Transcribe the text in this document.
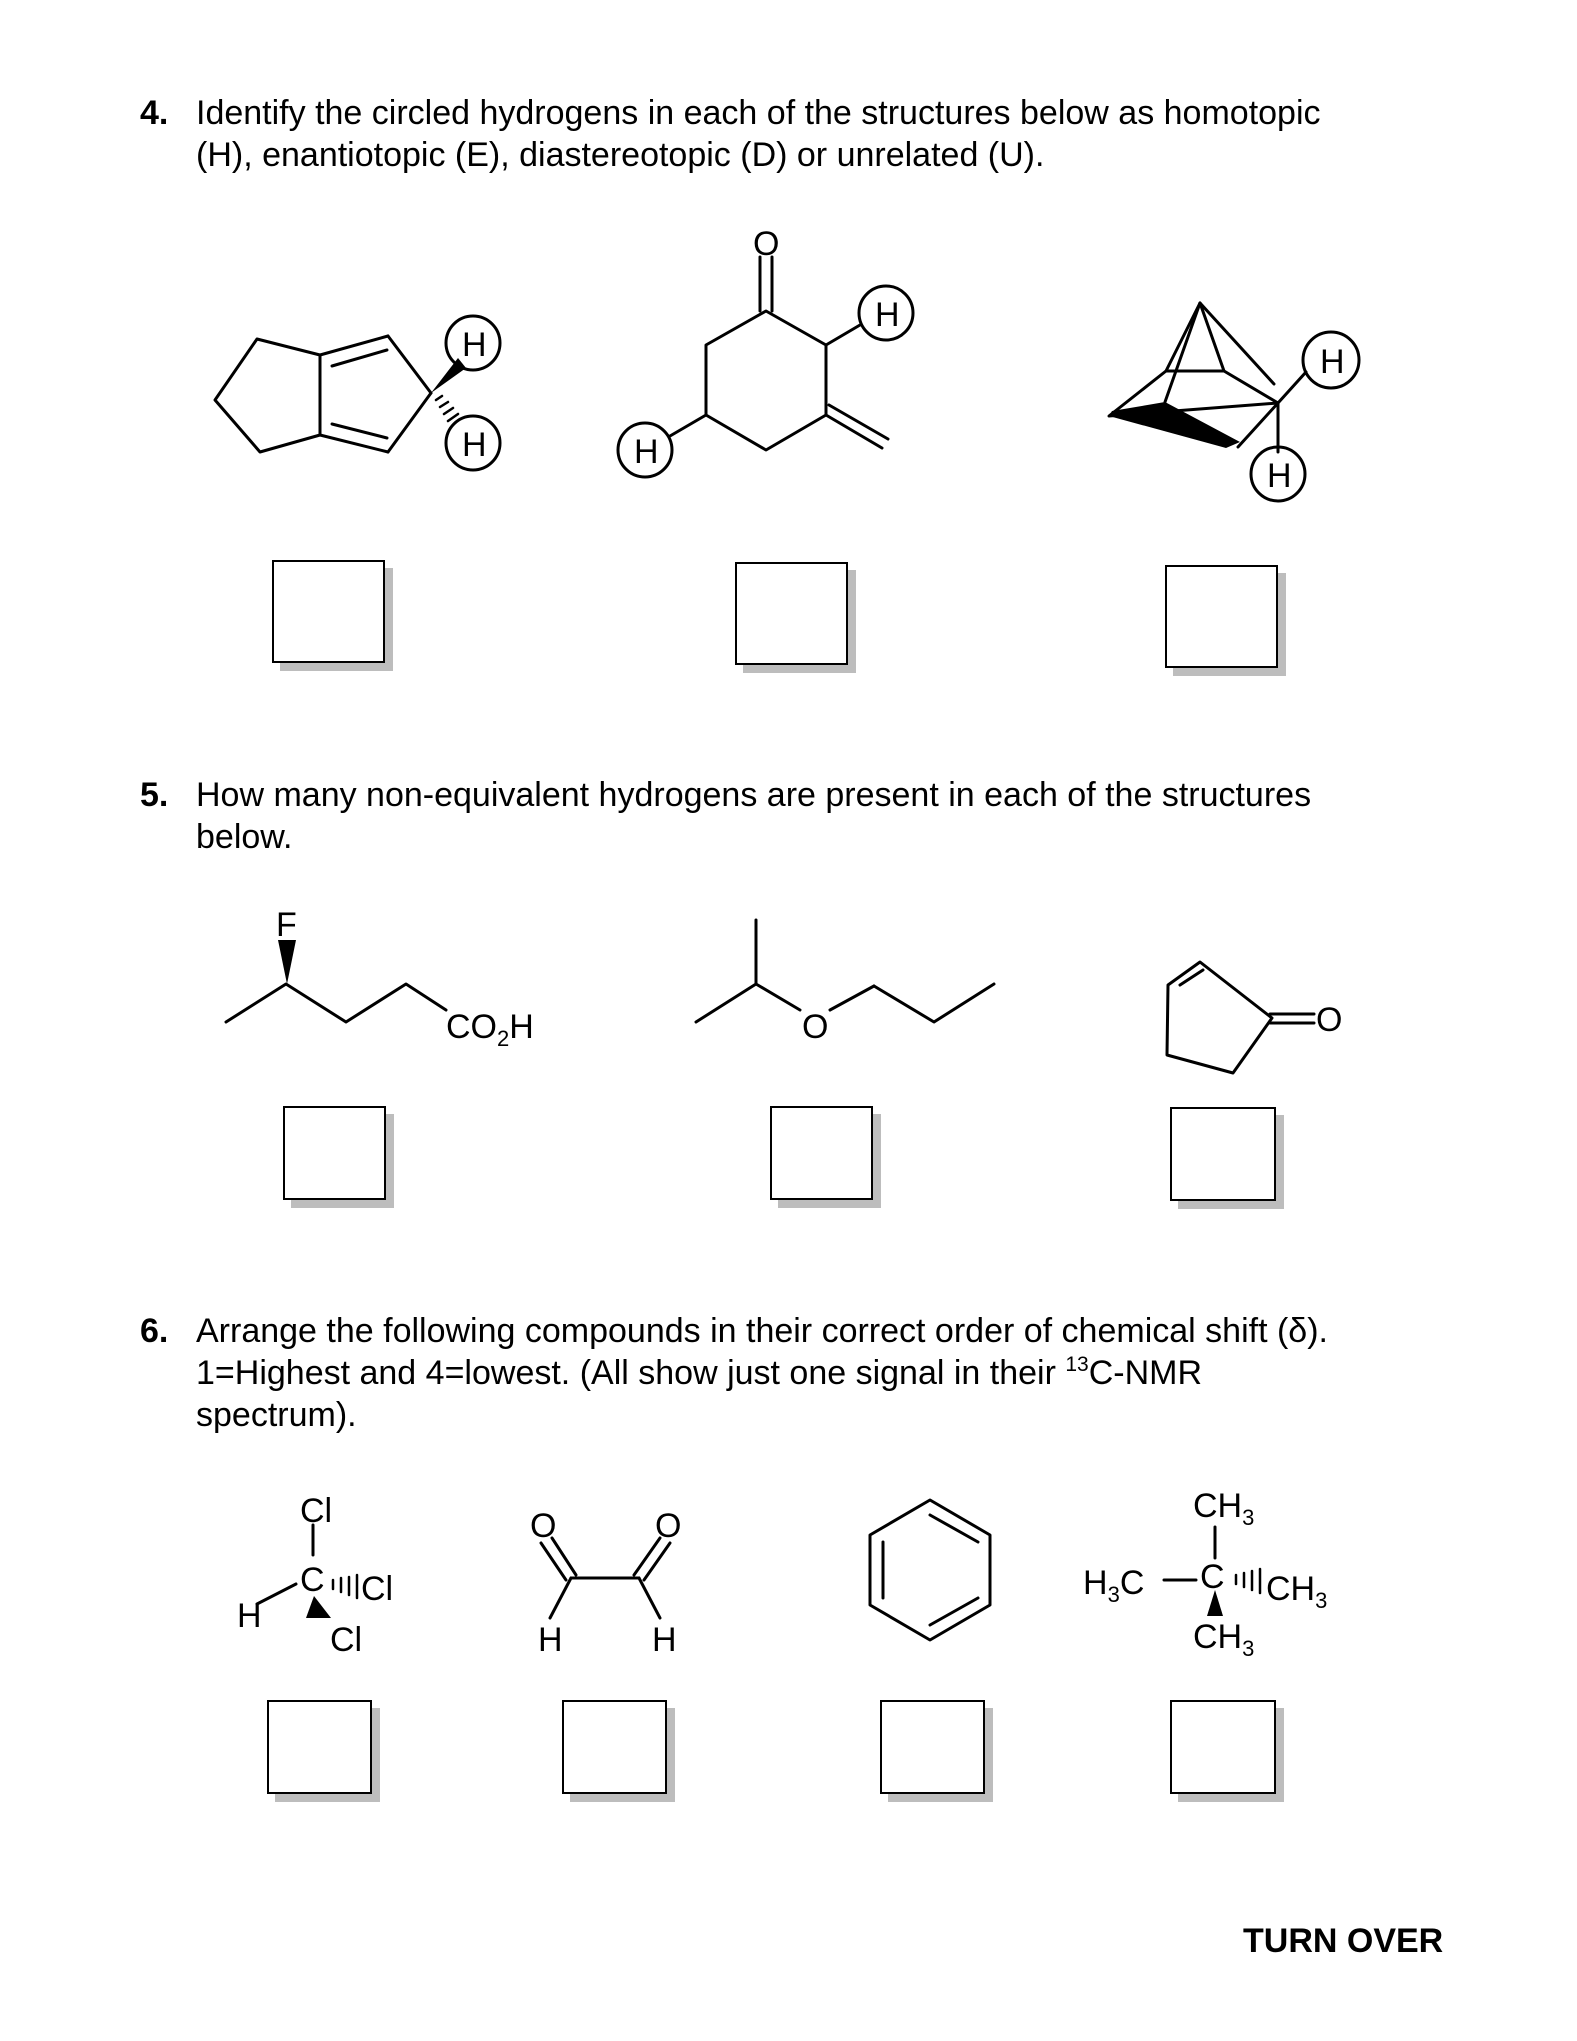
4. Identify the circled hydrogens in each of the structures below as homotopic
(H), enantiotopic (E), diastereotopic (D) or unrelated (U).
5. How many non-equivalent hydrogens are present in each of the structures
below.
6. Arrange the following compounds in their correct order of chemical shift (δ).
1=Highest and 4=lowest. (All show just one signal in their $^{13}$C-NMR
spectrum).
H
H
O
H
H
H
H
F
$CO_2H$	O	O
Cl
C Cl
H
Cl
O	O
H	H
$CH_3$
$H_3C$ C $CH_3$
$CH_3$
TURN OVER
